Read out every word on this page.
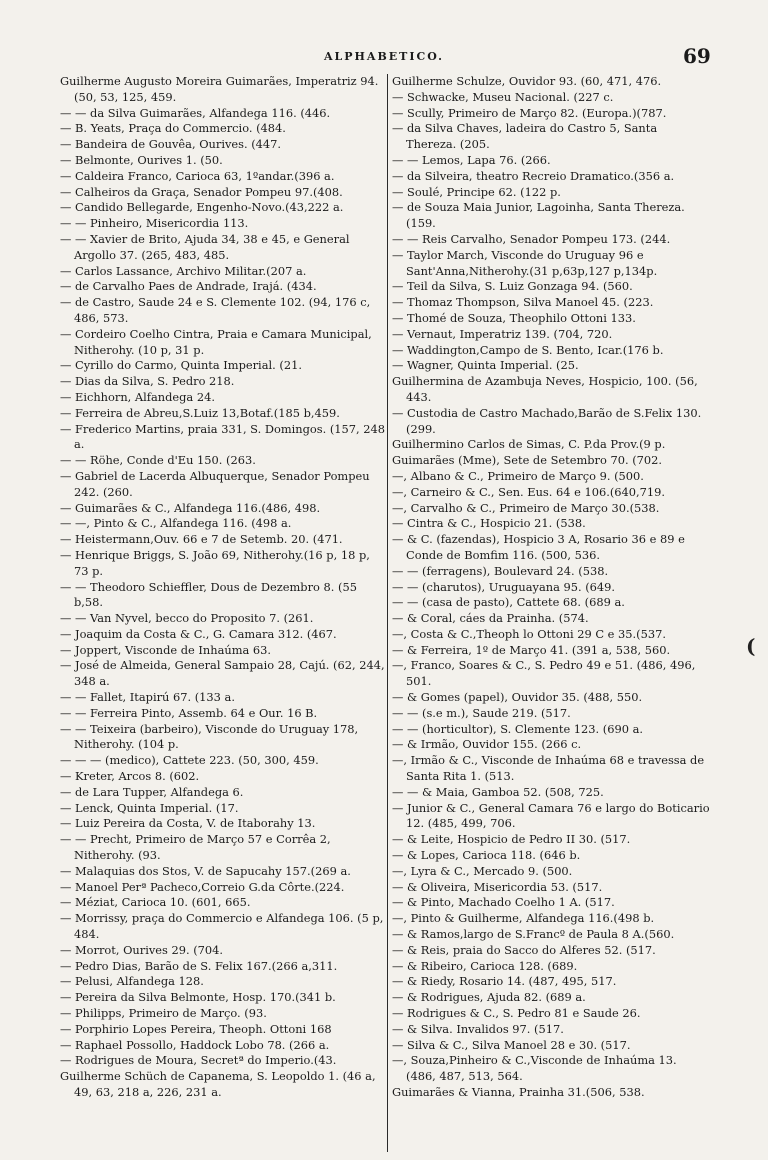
ALPHABETICO.	69

Guilherme Augusto Moreira Guimarães, Imperatriz 94.(50, 53, 125, 459.

— — da Silva Guimarães, Alfandega 116. (446.

— B. Yeats, Praça do Commercio. (484.

— Bandeira de Gouvêa, Ourives. (447.

— Belmonte, Ourives 1. (50.

— Caldeira Franco, Carioca 63, 1ºandar.(396 a.

— Calheiros da Graça, Senador Pompeu 97.(408.

— Candido Bellegarde, Engenho-Novo.(43,222 a.

— — Pinheiro, Misericordia 113.

— — Xavier de Brito, Ajuda 34, 38 e 45, e General Argollo 37. (265, 483, 485.

— Carlos Lassance, Archivo Militar.(207 a.

— de Carvalho Paes de Andrade, Irajá. (434.

— de Castro, Saude 24 e S. Clemente 102. (94, 176 c, 486, 573.

— Cordeiro Coelho Cintra, Praia e Camara Municipal, Nitherohy. (10 p, 31 p.

— Cyrillo do Carmo, Quinta Imperial. (21.

— Dias da Silva, S. Pedro 218.

— Eichhorn, Alfandega 24.

— Ferreira de Abreu,S.Luiz 13,Botaf.(185 b,459.

— Frederico Martins, praia 331, S. Domingos. (157, 248 a.

— — Röhe, Conde d'Eu 150. (263.

— Gabriel de Lacerda Albuquerque, Senador Pompeu 242. (260.

— Guimarães & C., Alfandega 116.(486, 498.

— —, Pinto & C., Alfandega 116. (498 a.

— Heistermann,Ouv. 66 e 7 de Setemb. 20. (471.

— Henrique Briggs, S. João 69, Nitherohy.(16 p, 18 p, 73 p.

— — Theodoro Schieffler, Dous de Dezembro 8. (55 b,58.

— — Van Nyvel, becco do Proposito 7. (261.

— Joaquim da Costa & C., G. Camara 312. (467.

— Joppert, Visconde de Inhaúma 63.

— José de Almeida, General Sampaio 28, Cajú. (62, 244, 348 a.

— — Fallet, Itapirú 67. (133 a.

— — Ferreira Pinto, Assemb. 64 e Our. 16 B.

— — Teixeira (barbeiro), Visconde do Uruguay 178, Nitherohy. (104 p.

— — — (medico), Cattete 223. (50, 300, 459.

— Kreter, Arcos 8. (602.

— de Lara Tupper, Alfandega 6.

— Lenck, Quinta Imperial. (17.

— Luiz Pereira da Costa, V. de Itaborahy 13.

— — Precht, Primeiro de Março 57 e Corrêa 2, Nitherohy. (93.

— Malaquias dos Stos, V. de Sapucahy 157.(269 a.

— Manoel Perª Pacheco,Correio G.da Côrte.(224.

— Méziat, Carioca 10. (601, 665.

— Morrissy, praça do Commercio e Alfandega 106. (5 p, 484.

— Morrot, Ourives 29. (704.

— Pedro Dias, Barão de S. Felix 167.(266 a,311.

— Pelusi, Alfandega 128.

— Pereira da Silva Belmonte, Hosp. 170.(341 b.

— Philipps, Primeiro de Março. (93.

— Porphirio Lopes Pereira, Theoph. Ottoni 168

— Raphael Possollo, Haddock Lobo 78. (266 a.

— Rodrigues de Moura, Secretª do Imperio.(43.

Guilherme Schüch de Capanema, S. Leopoldo 1. (46 a, 49, 63, 218 a, 226, 231 a.

Guilherme Schulze, Ouvidor 93. (60, 471, 476.

— Schwacke, Museu Nacional. (227 c.

— Scully, Primeiro de Março 82. (Europa.)(787.

— da Silva Chaves, ladeira do Castro 5, Santa Thereza. (205.

— — Lemos, Lapa 76. (266.

— da Silveira, theatro Recreio Dramatico.(356 a.

— Soulé, Principe 62. (122 p.

— de Souza Maia Junior, Lagoinha, Santa Thereza. (159.

— — Reis Carvalho, Senador Pompeu 173. (244.

— Taylor March, Visconde do Uruguay 96 e Sant'Anna,Nitherohy.(31 p,63p,127 p,134p.

— Teil da Silva, S. Luiz Gonzaga 94. (560.

— Thomaz Thompson, Silva Manoel 45. (223.

— Thomé de Souza, Theophilo Ottoni 133.

— Vernaut, Imperatriz 139. (704, 720.

— Waddington,Campo de S. Bento, Icar.(176 b.

— Wagner, Quinta Imperial. (25.

Guilhermina de Azambuja Neves, Hospicio, 100. (56, 443.

— Custodia de Castro Machado,Barão de S.Felix 130. (299.

Guilhermino Carlos de Simas, C. P.da Prov.(9 p.

Guimarães (Mme), Sete de Setembro 70. (702.

—, Albano & C., Primeiro de Março 9. (500.

—, Carneiro & C., Sen. Eus. 64 e 106.(640,719.

—, Carvalho & C., Primeiro de Março 30.(538.

— Cintra & C., Hospicio 21. (538.

— & C. (fazendas), Hospicio 3 A, Rosario 36 e 89 e Conde de Bomfim 116. (500, 536.

— — (ferragens), Boulevard 24. (538.

— — (charutos), Uruguayana 95. (649.

— — (casa de pasto), Cattete 68. (689 a.

— & Coral, cáes da Prainha. (574.

—, Costa & C.,Theoph lo Ottoni 29 C e 35.(537.

— & Ferreira, 1º de Março 41. (391 a, 538, 560.

—, Franco, Soares & C., S. Pedro 49 e 51. (486, 496, 501.

— & Gomes (papel), Ouvidor 35. (488, 550.

— — (s.e m.), Saude 219. (517.

— — (horticultor), S. Clemente 123. (690 a.

— & Irmão, Ouvidor 155. (266 c.

—, Irmão & C., Visconde de Inhaúma 68 e travessa de Santa Rita 1. (513.

— — & Maia, Gamboa 52. (508, 725.

— Junior & C., General Camara 76 e largo do Boticario 12. (485, 499, 706.

— & Leite, Hospicio de Pedro II 30. (517.

— & Lopes, Carioca 118. (646 b.

—, Lyra & C., Mercado 9. (500.

— & Oliveira, Misericordia 53. (517.

— & Pinto, Machado Coelho 1 A. (517.

—, Pinto & Guilherme, Alfandega 116.(498 b.

— & Ramos,largo de S.Francº de Paula 8 A.(560.

— & Reis, praia do Sacco do Alferes 52. (517.

— & Ribeiro, Carioca 128. (689.

— & Riedy, Rosario 14. (487, 495, 517.

— & Rodrigues, Ajuda 82. (689 a.

— Rodrigues & C., S. Pedro 81 e Saude 26.

— & Silva. Invalidos 97. (517.

— Silva & C., Silva Manoel 28 e 30. (517.

—, Souza,Pinheiro & C.,Visconde de Inhaúma 13. (486, 487, 513, 564.

Guimarães & Vianna, Prainha 31.(506, 538.

(
